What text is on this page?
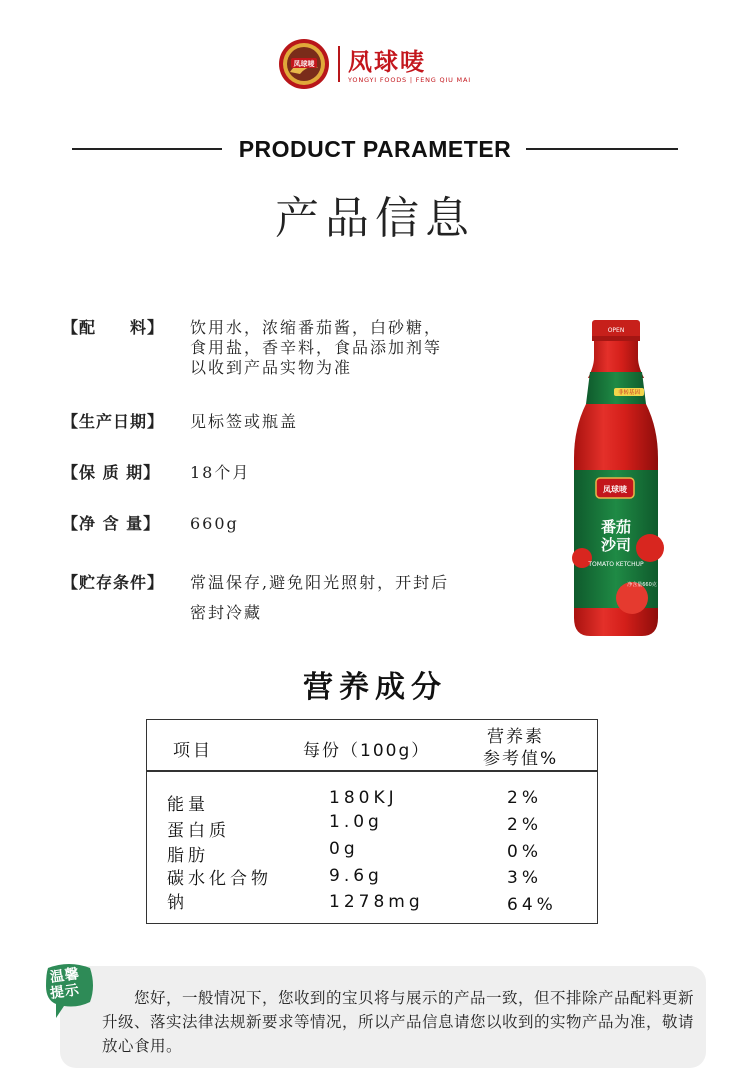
凤球唛 凤球唛
YONGYI FOODS | FENG QIU MAI
PRODUCT PARAMETER
产品信息
【配　　料】	饮用水，浓缩番茄酱，白砂糖，
食用盐，香辛料，食品添加剂等
以收到产品实物为准
【生产日期】	见标签或瓶盖
【保 质 期】	18个月
【净 含 量】	660g
【贮存条件】	常温保存,避免阳光照射，开封后
密封冷藏
OPEN
非转基因
凤球唛
番茄
沙司
TOMATO KETCHUP
净含量660克
营养成分
项目	每份（100g）
营养素
参考值%
能量	180KJ	2%
蛋白质	1.0g	2%
脂肪	0g	0%
碳水化合物	9.6g	3%
钠	1278mg	64%
　　您好，一般情况下，您收到的宝贝将与展示的产品一致，但不排除产品配料更新升级、落实法律法规新要求等情况，所以产品信息请您以收到的实物产品为准，敬请放心食用。
温馨
提示
